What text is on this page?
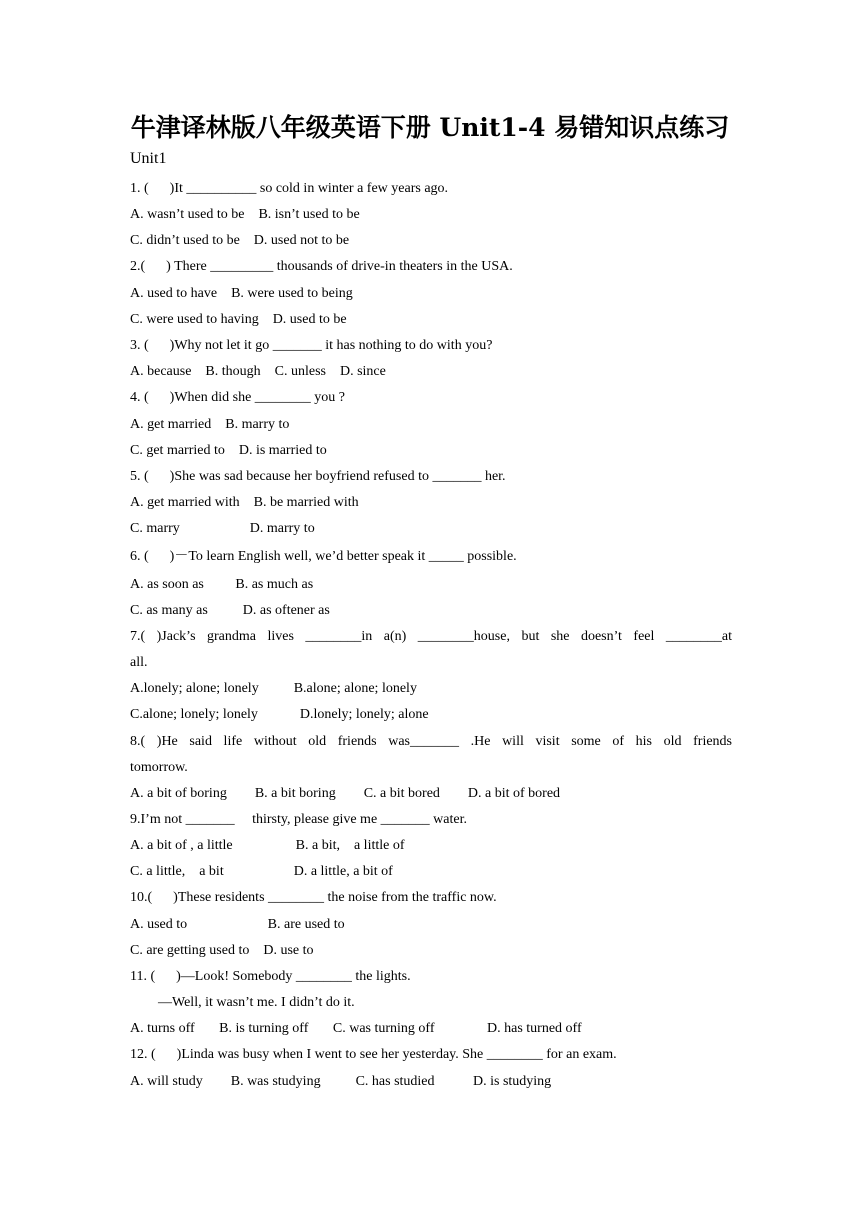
牛津译林版八年级英语下册 Unit1-4 易错知识点练习
Unit1
1. (      )It __________ so cold in winter a few years ago.
A. wasn’t used to be    B. isn’t used to be
C. didn’t used to be    D. used not to be
2.(      ) There _________ thousands of drive-in theaters in the USA.
A. used to have    B. were used to being
C. were used to having    D. used to be
3. (      )Why not let it go _______ it has nothing to do with you?
A. because    B. though    C. unless    D. since
4. (      )When did she ________ you ?
A. get married    B. marry to
C. get married to    D. is married to
5. (      )She was sad because her boyfriend refused to _______ her.
A. get married with    B. be married with
C. marry                    D. marry to
6. (      )－To learn English well, we’d better speak it _____ possible.
A. as soon as         B. as much as
C. as many as          D. as oftener as
7.( )Jack’s grandma lives ________in a(n) ________house, but she doesn’t feel ________at
all.
A.lonely; alone; lonely          B.alone; alone; lonely
C.alone; lonely; lonely            D.lonely; lonely; alone
8.( )He said life without old friends was_______ .He will visit some of his old friends
tomorrow.
A. a bit of boring        B. a bit boring        C. a bit bored        D. a bit of bored
9.I’m not _______     thirsty, please give me _______ water.
A. a bit of , a little                  B. a bit,    a little of
C. a little,    a bit                    D. a little, a bit of
10.(      )These residents ________ the noise from the traffic now.
A. used to                       B. are used to
C. are getting used to    D. use to
11. (      )—Look! Somebody ________ the lights.
—Well, it wasn’t me. I didn’t do it.
A. turns off       B. is turning off       C. was turning off               D. has turned off
12. (      )Linda was busy when I went to see her yesterday. She ________ for an exam.
A. will study        B. was studying          C. has studied           D. is studying
